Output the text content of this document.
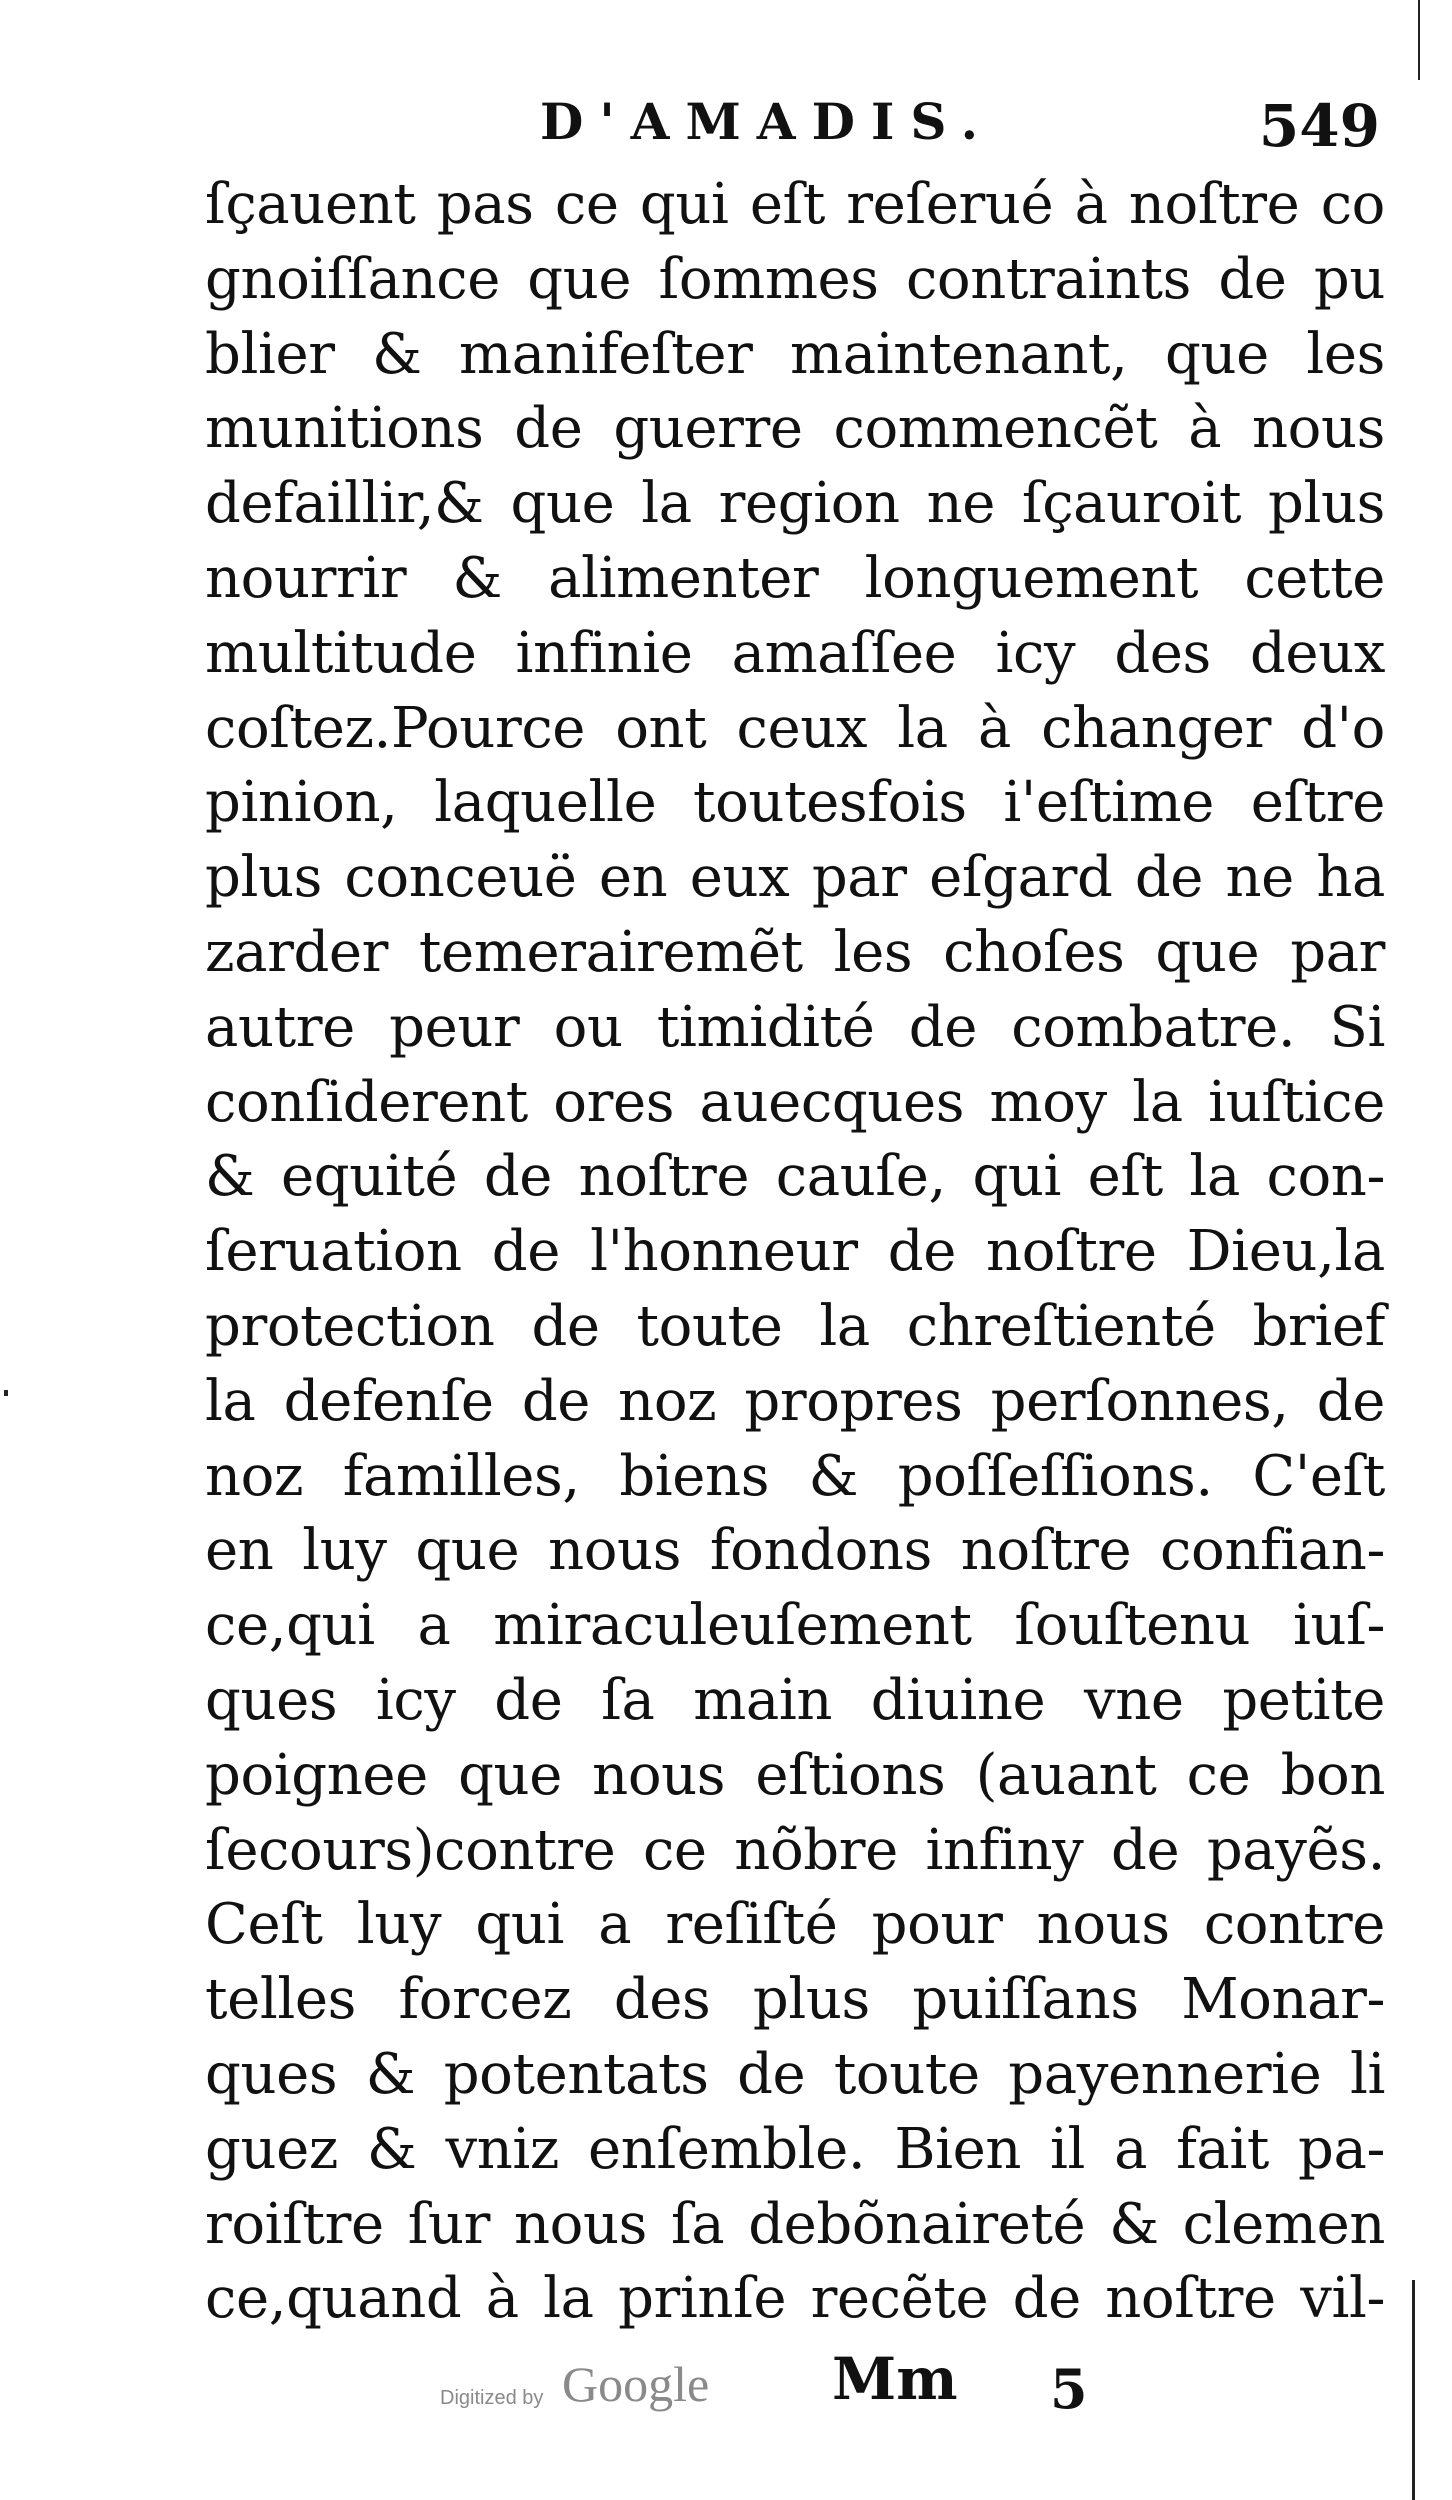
D'AMADIS.	549
ſçauent pas ce qui eſt reſerué à noſtre co
gnoiſſance que ſommes contraints de pu
blier & manifeſter maintenant, que les
munitions de guerre commencẽt à nous
defaillir,& que la region ne ſçauroit plus
nourrir & alimenter longuement cette
multitude infinie amaſſee icy des deux
coſtez.Pource ont ceux la à changer d'o
pinion, laquelle toutesfois i'eſtime eſtre
plus conceuë en eux par eſgard de ne ha
zarder temerairemẽt les choſes que par
autre peur ou timidité de combatre. Si
conſiderent ores auecques moy la iuſtice
& equité de noſtre cauſe, qui eſt la con-
ſeruation de l'honneur de noſtre Dieu,la
protection de toute la chreſtienté brief
la defenſe de noz propres perſonnes, de
noz familles, biens & poſſeſſions. C'eſt
en luy que nous fondons noſtre confian-
ce,qui a miraculeuſement ſouſtenu iuſ-
ques icy de ſa main diuine vne petite
poignee que nous eſtions (auant ce bon
ſecours)contre ce nõbre infiny de payẽs.
Ceſt luy qui a reſiſté pour nous contre
telles forcez des plus puiſſans Monar-
ques & potentats de toute payennerie li
guez & vniz enſemble. Bien il a fait pa-
roiſtre ſur nous ſa debõnaireté & clemen
ce,quand à la prinſe recẽte de noſtre vil-
Digitized by Google Mm 5
